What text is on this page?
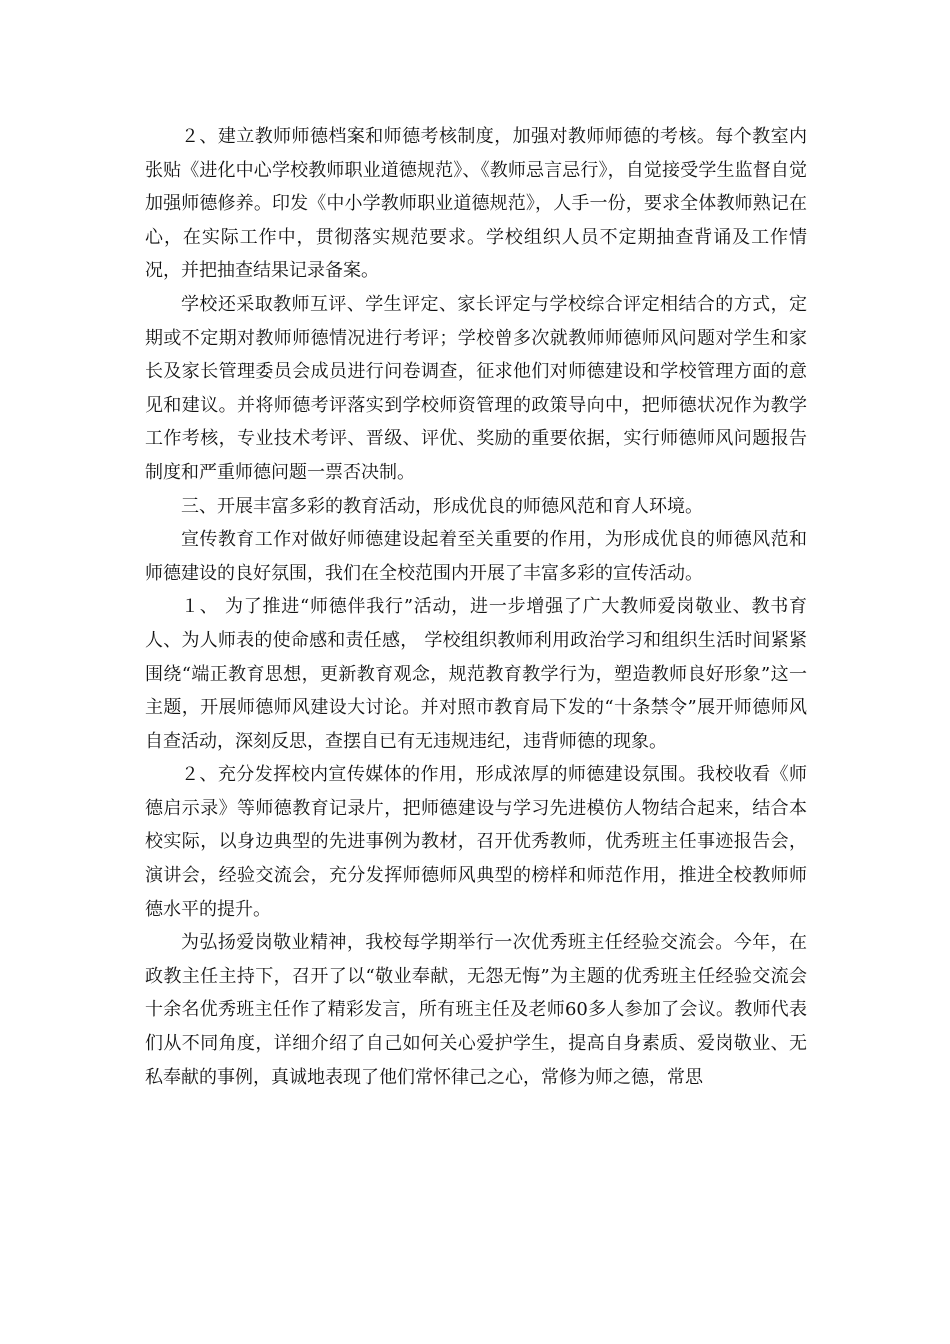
２、建立教师师德档案和师德考核制度，加强对教师师德的考核。每个教室内张贴《进化中心学校教师职业道德规范》、《教师忌言忌行》，自觉接受学生监督自觉加强师德修养。印发《中小学教师职业道德规范》，人手一份，要求全体教师熟记在心，在实际工作中，贯彻落实规范要求。学校组织人员不定期抽查背诵及工作情况，并把抽查结果记录备案。

学校还采取教师互评、学生评定、家长评定与学校综合评定相结合的方式，定期或不定期对教师师德情况进行考评；学校曾多次就教师师德师风问题对学生和家长及家长管理委员会成员进行问卷调查，征求他们对师德建设和学校管理方面的意见和建议。并将师德考评落实到学校师资管理的政策导向中，把师德状况作为教学工作考核，专业技术考评、晋级、评优、奖励的重要依据，实行师德师风问题报告制度和严重师德问题一票否决制。

三、开展丰富多彩的教育活动，形成优良的师德风范和育人环境。

宣传教育工作对做好师德建设起着至关重要的作用，为形成优良的师德风范和师德建设的良好氛围，我们在全校范围内开展了丰富多彩的宣传活动。

１、 为了推进“师德伴我行”活动，进一步增强了广大教师爱岗敬业、教书育人、为人师表的使命感和责任感， 学校组织教师利用政治学习和组织生活时间紧紧围绕“端正教育思想，更新教育观念，规范教育教学行为，塑造教师良好形象”这一主题，开展师德师风建设大讨论。并对照市教育局下发的“十条禁令”展开师德师风自查活动，深刻反思，查摆自已有无违规违纪，违背师德的现象。

２、充分发挥校内宣传媒体的作用，形成浓厚的师德建设氛围。我校收看《师德启示录》等师德教育记录片，把师德建设与学习先进模仿人物结合起来，结合本校实际，以身边典型的先进事例为教材，召开优秀教师，优秀班主任事迹报告会，演讲会，经验交流会，充分发挥师德师风典型的榜样和师范作用，推进全校教师师德水平的提升。

为弘扬爱岗敬业精神，我校每学期举行一次优秀班主任经验交流会。今年，在政教主任主持下，召开了以“敬业奉献，无怨无悔”为主题的优秀班主任经验交流会十余名优秀班主任作了精彩发言，所有班主任及老师60多人参加了会议。教师代表们从不同角度，详细介绍了自己如何关心爱护学生，提高自身素质、爱岗敬业、无私奉献的事例，真诚地表现了他们常怀律己之心，常修为师之德，常思
